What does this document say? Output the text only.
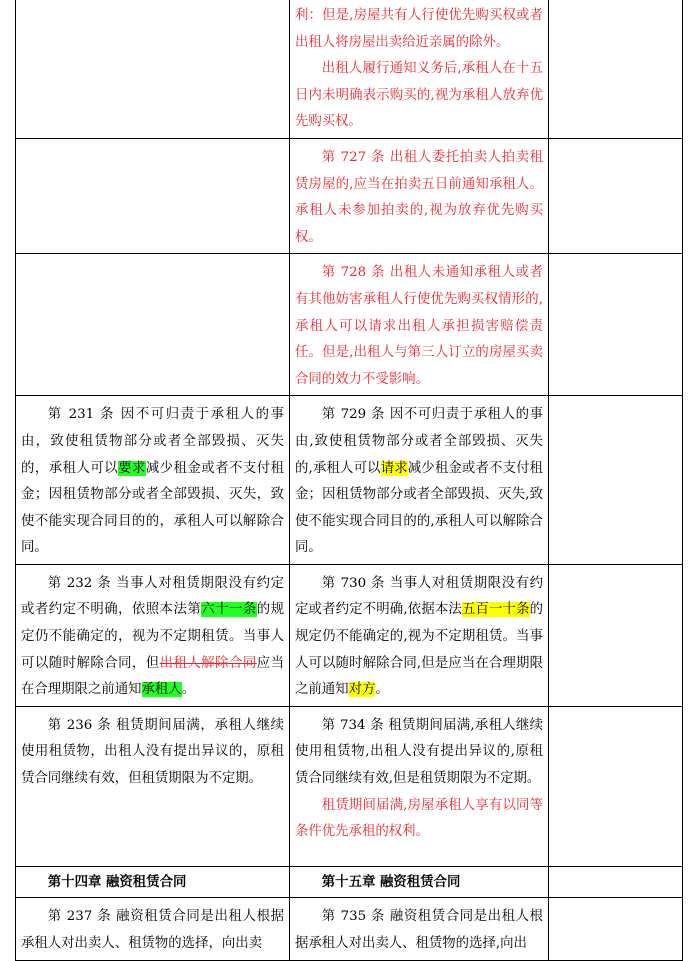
	利：但是,房屋共有人行使优先购买权或者出租人将房屋出卖给近亲属的除外。

出租人履行通知义务后,承租人在十五日内未明确表示购买的,视为承租人放弃优先购买权。	

	第 727 条 出租人委托拍卖人拍卖租赁房屋的,应当在拍卖五日前通知承租人。承租人未参加拍卖的,视为放弃优先购买权。	

	第 728 条 出租人未通知承租人或者有其他妨害承租人行使优先购买权情形的,承租人可以请求出租人承担损害赔偿责任。但是,出租人与第三人订立的房屋买卖合同的效力不受影响。	

第 231 条 因不可归责于承租人的事由，致使租赁物部分或者全部毁损、灭失的，承租人可以要求减少租金或者不支付租金；因租赁物部分或者全部毁损、灭失，致使不能实现合同目的的，承租人可以解除合同。	第 729 条 因不可归责于承租人的事由,致使租赁物部分或者全部毁损、灭失的,承租人可以请求减少租金或者不支付租金；因租赁物部分或者全部毁损、灭失,致使不能实现合同目的的,承租人可以解除合同。	

第 232 条 当事人对租赁期限没有约定或者约定不明确，依照本法第六十一条的规定仍不能确定的，视为不定期租赁。当事人可以随时解除合同，但出租人解除合同应当在合理期限之前通知承租人。	第 730 条 当事人对租赁期限没有约定或者约定不明确,依据本法五百一十条的规定仍不能确定的,视为不定期租赁。当事人可以随时解除合同,但是应当在合理期限之前通知对方。	

第 236 条 租赁期间届满，承租人继续使用租赁物，出租人没有提出异议的，原租赁合同继续有效，但租赁期限为不定期。	第 734 条 租赁期间届满,承租人继续使用租赁物,出租人没有提出异议的,原租赁合同继续有效,但是租赁期限为不定期。

租赁期间届满,房屋承租人享有以同等条件优先承租的权利。	

第十四章 融资租赁合同	第十五章 融资租赁合同	

第 237 条 融资租赁合同是出租人根据承租人对出卖人、租赁物的选择，向出卖	第 735 条 融资租赁合同是出租人根据承租人对出卖人、租赁物的选择,向出	
